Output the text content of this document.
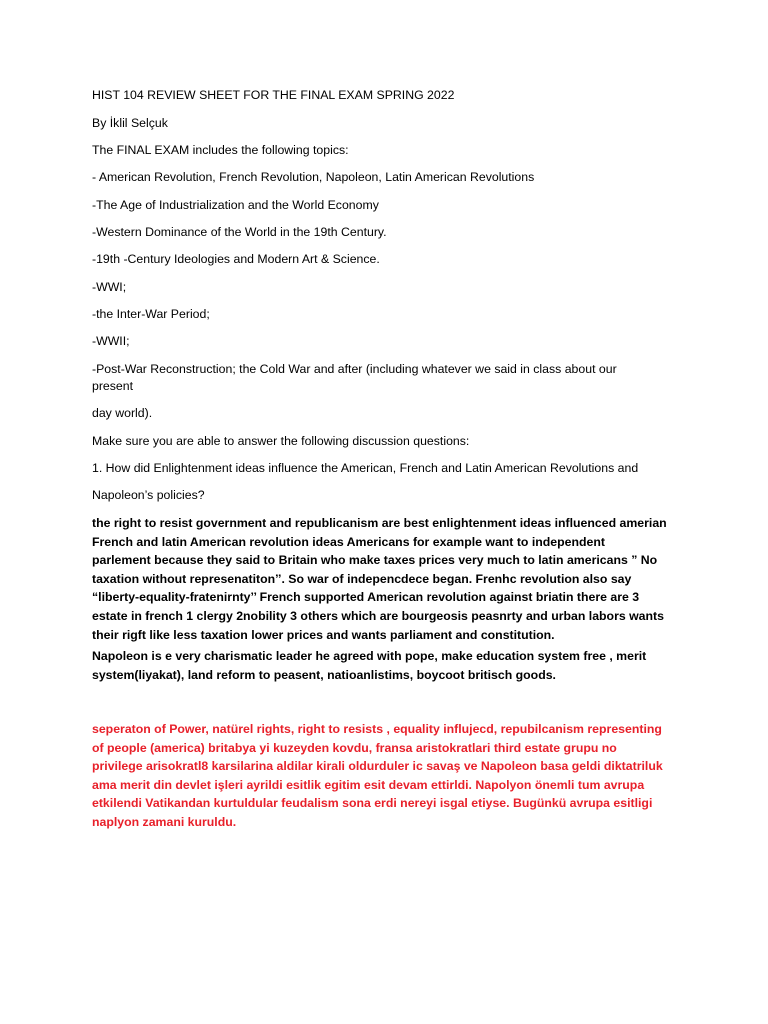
HIST 104 REVIEW SHEET FOR THE FINAL EXAM SPRING 2022
By İklil Selçuk
The FINAL EXAM includes the following topics:
- American Revolution, French Revolution, Napoleon, Latin American Revolutions
-The Age of Industrialization and the World Economy
-Western Dominance of the World in the 19th Century.
-19th -Century Ideologies and Modern Art & Science.
-WWI;
-the Inter-War Period;
-WWII;
-Post-War Reconstruction; the Cold War and after (including whatever we said in class about our
present
day world).
Make sure you are able to answer the following discussion questions:
1. How did Enlightenment ideas influence the American, French and Latin American Revolutions and
Napoleon’s policies?
the right to resist government and republicanism are best enlightenment ideas influenced amerian
French and latin American revolution ideas Americans for example want to independent
parlement because they said to Britain who make taxes prices very much to latin americans ” No
taxation without represenatiton’’. So war of indepencdece began. Frenhc revolution also say
“liberty-equality-fratenirnty’’ French supported American revolution against briatin there are 3
estate in french 1 clergy 2nobility 3 others which are bourgeosis peasnrty and urban labors wants
their rigft like less taxation lower prices and wants parliament and constitution.
Napoleon is e very charismatic leader he agreed with pope, make education system free , merit
system(liyakat), land reform to peasent, natioanlistims, boycoot britisch goods.
seperaton of Power, natürel rights, right to resists , equality influjecd, repubilcanism representing
of people (america) britabya yi kuzeyden kovdu, fransa aristokratlari third estate grupu no
privilege arisokratl8 karsilarina aldilar kirali oldurduler ic savaş ve Napoleon basa geldi diktatriluk
ama merit din devlet işleri ayrildi esitlik egitim esit devam ettirldi. Napolyon önemli tum avrupa
etkilendi Vatikandan kurtuldular feudalism sona erdi nereyi isgal etiyse. Bugünkü avrupa esitligi
naplyon zamani kuruldu.
